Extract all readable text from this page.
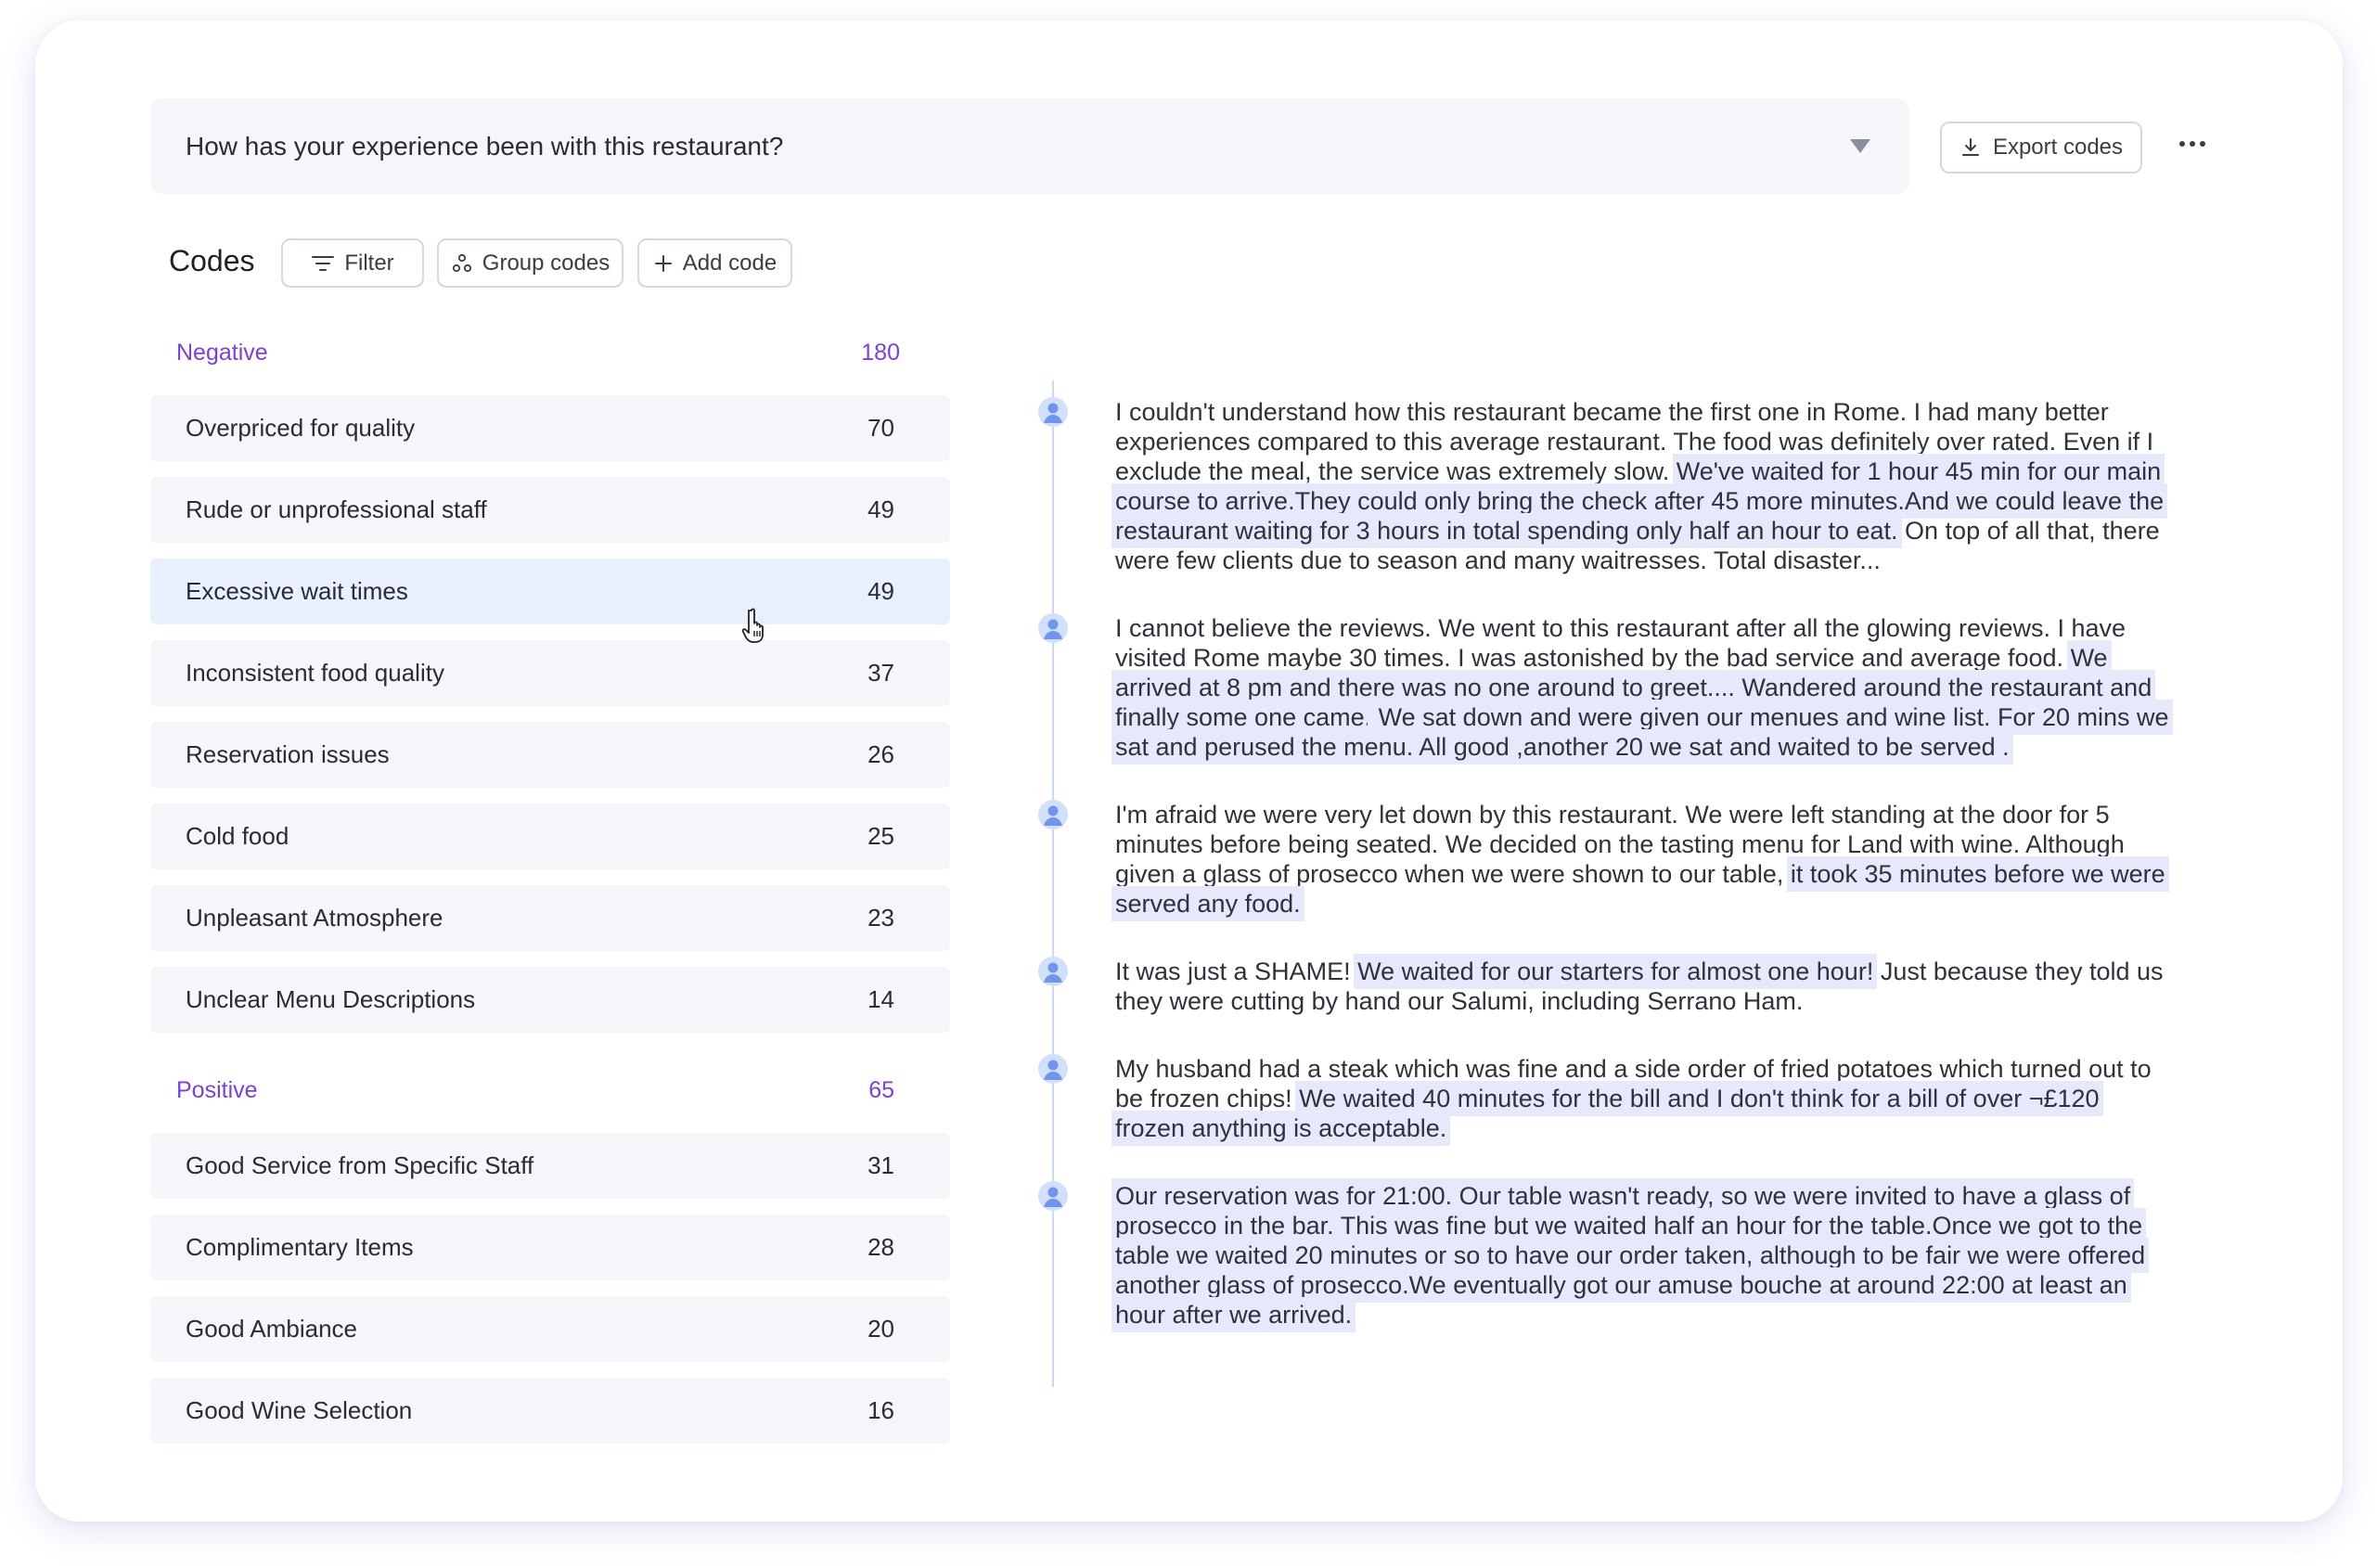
How has your experience been with this restaurant?	Export codes
Codes	Filter	Group codes	Add code
Negative	180
Overpriced for quality	70
Rude or unprofessional staff	49
Excessive wait times	49
Inconsistent food quality	37
Reservation issues	26
Cold food	25
Unpleasant Atmosphere	23
Unclear Menu Descriptions	14
Positive	65
Good Service from Specific Staff	31
Complimentary Items	28
Good Ambiance	20
Good Wine Selection	16

I couldn't understand how this restaurant became the first one in Rome. I had many better experiences compared to this average restaurant. The food was definitely over rated. Even if I exclude the meal, the service was extremely slow. We've waited for 1 hour 45 min for our main course to arrive.They could only bring the check after 45 more minutes.And we could leave the restaurant waiting for 3 hours in total spending only half an hour to eat. On top of all that, there were few clients due to season and many waitresses. Total disaster...

I cannot believe the reviews. We went to this restaurant after all the glowing reviews. I have visited Rome maybe 30 times. I was astonished by the bad service and average food. We arrived at 8 pm and there was no one around to greet.... Wandered around the restaurant and finally some one came. We sat down and were given our menues and wine list. For 20 mins we sat and perused the menu. All good ,another 20 we sat and waited to be served .

I'm afraid we were very let down by this restaurant. We were left standing at the door for 5 minutes before being seated. We decided on the tasting menu for Land with wine. Although given a glass of prosecco when we were shown to our table, it took 35 minutes before we were served any food.

It was just a SHAME! We waited for our starters for almost one hour! Just because they told us they were cutting by hand our Salumi, including Serrano Ham.

My husband had a steak which was fine and a side order of fried potatoes which turned out to be frozen chips! We waited 40 minutes for the bill and I don't think for a bill of over ¬£120 frozen anything is acceptable.

Our reservation was for 21:00. Our table wasn't ready, so we were invited to have a glass of prosecco in the bar. This was fine but we waited half an hour for the table.Once we got to the table we waited 20 minutes or so to have our order taken, although to be fair we were offered another glass of prosecco.We eventually got our amuse bouche at around 22:00 at least an hour after we arrived.
